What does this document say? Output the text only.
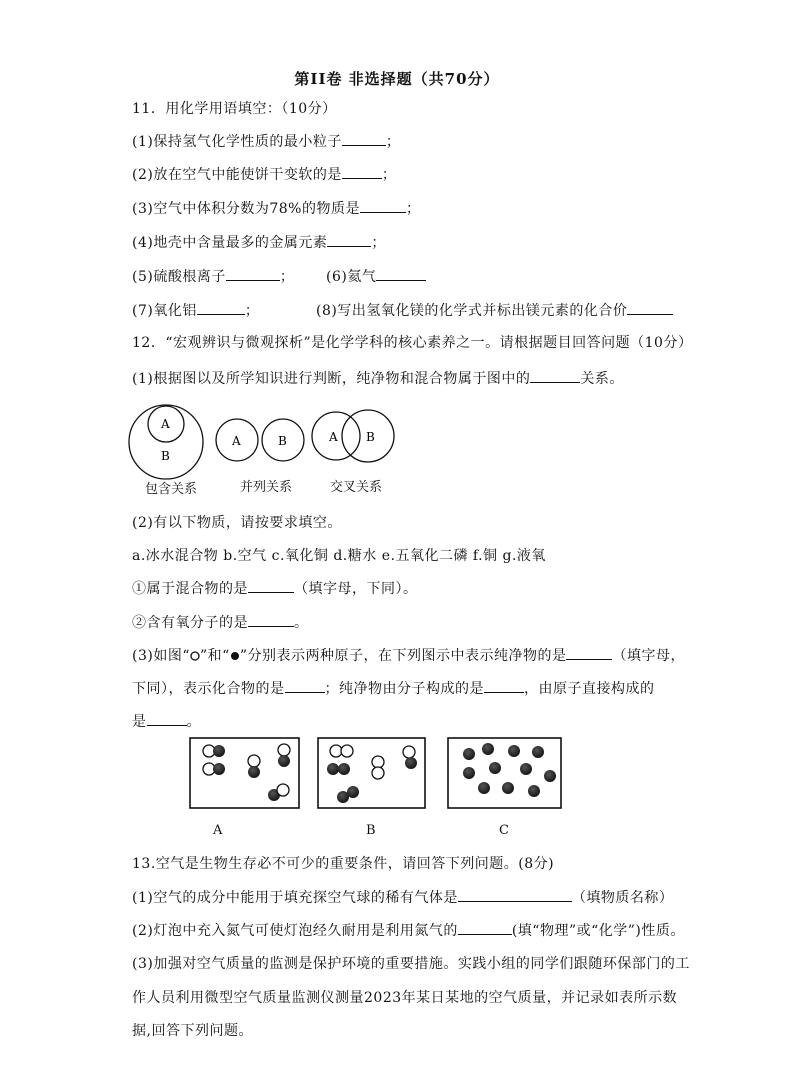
第II卷 非选择题（共70分）
11．用化学用语填空：（10分）
(1)保持氢气化学性质的最小粒子	；
(2)放在空气中能使饼干变软的是	；
(3)空气中体积分数为78%的物质是	；
(4)地壳中含量最多的金属元素	；
(5)硫酸根离子	； (6)氦气
(7)氧化铝	；	(8)写出氢氧化镁的化学式并标出镁元素的化合价
12．“宏观辨识与微观探析”是化学学科的核心素养之一。请根据题目回答问题（10分）
(1)根据图以及所学知识进行判断，纯净物和混合物属于图中的	关系。
A
B
A	B	A B
包含关系	并列关系	交叉关系
(2)有以下物质，请按要求填空。
a.冰水混合物 b.空气 c.氧化铜 d.糖水 e.五氧化二磷 f.铜 g.液氧
①属于混合物的是	（填字母，下同）。
②含有氧分子的是	。
(3)如图“ ”和“ ”分别表示两种原子，在下列图示中表示纯净物的是	（填字母，
下同），表示化合物的是	；纯净物由分子构成的是	，由原子直接构成的
是	。
A	B	C
13.空气是生物生存必不可少的重要条件，请回答下列问题。(8分)
(1)空气的成分中能用于填充探空气球的稀有气体是	（填物质名称）
(2)灯泡中充入氮气可使灯泡经久耐用是利用氮气的	(填“物理”或“化学”)性质。
(3)加强对空气质量的监测是保护环境的重要措施。实践小组的同学们跟随环保部门的工
作人员利用微型空气质量监测仪测量2023年某日某地的空气质量，并记录如表所示数
据,回答下列问题。
